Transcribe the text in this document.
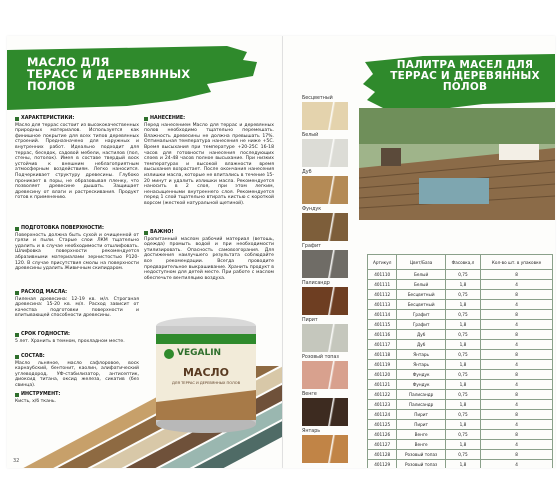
МАСЛО ДЛЯ
ТЕРАСС И ДЕРЕВЯННЫХ
ПОЛОВ
ХАРАКТЕРИСТИКИ:
Масло для террас состоит из высококачественных природных материалов. Используется как финишное покрытие для всех типов деревянных строений. Предназначено для наружных и внутренних работ. Идеально подходит для террас, беседок, садовой мебели, настилов (пол, стены, потолок). Имея в составе твердый воск устойчив к внешним неблагоприятным атмосферным воздействиям. Легко наносится. Подчеркивает структуру древесины. Глубоко проникает в поры, не образовывая пленку, что позволяет древесине дышать. Защищает древесину от влаги и растрескивания. Продукт готов к применению.
ПОДГОТОВКА ПОВЕРХНОСТИ:
Поверхность должна быть сухой и очищенной от грязи и пыли. Старые слои ЛКМ тщательно удалить и в случае необходимости отшлифовать. Шлифовка поверхности рекомендуется абразивными материалами зернистостью P120-120. В случае присутствия смолы на поверхности древесины удалить Живичным скипидаром.
РАСХОД МАСЛА:
Пиленая древесина: 12-19 кв. м/л. Строганая древесина: 15-20 кв. м/л. Расход зависит от качества подготовки поверхности и впитывающей способности древесины.
СРОК ГОДНОСТИ:
5 лет. Хранить в темном, прохладном месте.
СОСТАВ:
Масло льняное, масло сафлоровое, воск карнаубский, бентонит, каолин, алифатический углеводород, УФ-стабилизатор, антисептик, диоксид титана, оксид железа, сикатив (без свинца).
ИНСТРУМЕНТ:
Кисть, х/б ткань.
НАНЕСЕНИЕ:
Перед нанесением Масло для террас и деревянных полов необходимо тщательно перемешать. Влажность древесины не должна превышать 17%. Оптимальная температура нанесения не ниже +5С. Время высыхания при температуре +20-25С 16-18 часов для готовности нанесения последующих слоев и 24-48 часов полное высыхание. При низких температурах и высокой влажности время высыхания возрастает. После окончания нанесения излишки масла, которые не впитались в течение 15-20 минут и удалить излишки масла. Рекомендуется наносить в 2 слоя, при этом легким, ненасыщенными внутреннего слоя. Рекомендуется перед 1 слой тщательно втирать кистью с короткой ворсом (жесткой натуральной щетиной).
ВАЖНО!
Пропитанный маслом рабочий материал (ветошь, одежда) промыть водой и при необходимости утилизировать. Опасность самовозгорания. Для достижения наилучшего результата соблюдайте все рекомендации. Всегда проводите предварительное выкрашивание. Хранить продукт в недоступном для детей месте. При работе с маслом обеспечьте вентиляцию воздуха.
VEGALIN
МАСЛО
ДЛЯ ТЕРРАС И ДЕРЕВЯННЫХ ПОЛОВ
32
ПАЛИТРА МАСЕЛ ДЛЯ
ТЕРРАС И ДЕРЕВЯННЫХ
ПОЛОВ
Бесцветный
Белый
Дуб
Фундук
Графит
Палисандр
Пирит
Розовый топаз
Венге
Янтарь
Артикул	Цвет/База	Фасовка,л	Кол-во шт. в упаковке
401110	Белый	0,75	8
401111	Белый	1,8	4
401112	Бесцветный	0,75	8
401113	Бесцветный	1,8	4
401114	Графит	0,75	8
401115	Графит	1,8	4
401116	Дуб	0,75	8
401117	Дуб	1,8	4
401118	Янтарь	0,75	8
401119	Янтарь	1,8	4
401120	Фундук	0,75	8
401121	Фундук	1,8	4
401122	Палисандр	0,75	8
401123	Палисандр	1,8	4
401124	Пирит	0,75	8
401125	Пирит	1,8	4
401126	Венге	0,75	8
401127	Венге	1,8	4
401128	Розовый топаз	0,75	8
401129	Розовый топаз	1,8	4
